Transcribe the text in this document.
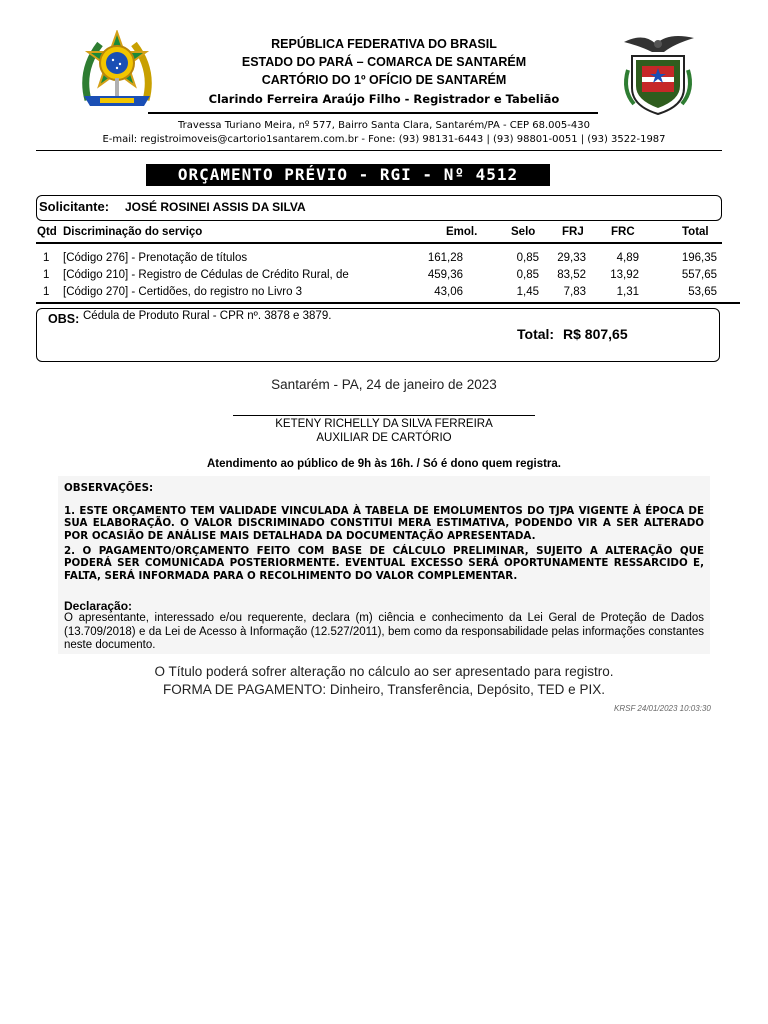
REPÚBLICA FEDERATIVA DO BRASIL
ESTADO DO PARÁ – COMARCA DE SANTARÉM
CARTÓRIO DO 1º OFÍCIO DE SANTARÉM
Clarindo Ferreira Araújo Filho - Registrador e Tabelião
Travessa Turiano Meira, nº 577, Bairro Santa Clara, Santarém/PA - CEP 68.005-430
E-mail: registroimoveis@cartorio1santarem.com.br - Fone: (93) 98131-6443 | (93) 98801-0051 | (93) 3522-1987
ORÇAMENTO PRÉVIO - RGI - Nº 4512
Solicitante: JOSÉ ROSINEI ASSIS DA SILVA
Qtd Discriminação do serviço	Emol.	Selo FRJ FRC	Total
1 [Código 276] - Prenotação de títulos	161,28	0,85	29,33	4,89	196,35
1 [Código 210] - Registro de Cédulas de Crédito Rural, de	459,36	0,85	83,52	13,92	557,65
1 [Código 270] - Certidões, do registro no Livro 3	43,06	1,45	7,83	1,31	53,65
OBS: Cédula de Produto Rural - CPR nº. 3878 e 3879.
Total: R$ 807,65
Santarém - PA, 24 de janeiro de 2023
KETENY RICHELLY DA SILVA FERREIRA
AUXILIAR DE CARTÓRIO
Atendimento ao público de 9h às 16h. / Só é dono quem registra.
OBSERVAÇÕES:
1. ESTE ORÇAMENTO TEM VALIDADE VINCULADA À TABELA DE EMOLUMENTOS DO TJPA VIGENTE À ÉPOCA DE SUA ELABORAÇÃO. O VALOR DISCRIMINADO CONSTITUI MERA ESTIMATIVA, PODENDO VIR A SER ALTERADO POR OCASIÃO DE ANÁLISE MAIS DETALHADA DA DOCUMENTAÇÃO APRESENTADA.
2. O PAGAMENTO/ORÇAMENTO FEITO COM BASE DE CÁLCULO PRELIMINAR, SUJEITO A ALTERAÇÃO QUE PODERÁ SER COMUNICADA POSTERIORMENTE. EVENTUAL EXCESSO SERÁ OPORTUNAMENTE RESSARCIDO E, FALTA, SERÁ INFORMADA PARA O RECOLHIMENTO DO VALOR COMPLEMENTAR.
Declaração:
O apresentante, interessado e/ou requerente, declara (m) ciência e conhecimento da Lei Geral de Proteção de Dados (13.709/2018) e da Lei de Acesso à Informação (12.527/2011), bem como da responsabilidade pelas informações constantes neste documento.
O Título poderá sofrer alteração no cálculo ao ser apresentado para registro.
FORMA DE PAGAMENTO: Dinheiro, Transferência, Depósito, TED e PIX.
KRSF 24/01/2023 10:03:30
